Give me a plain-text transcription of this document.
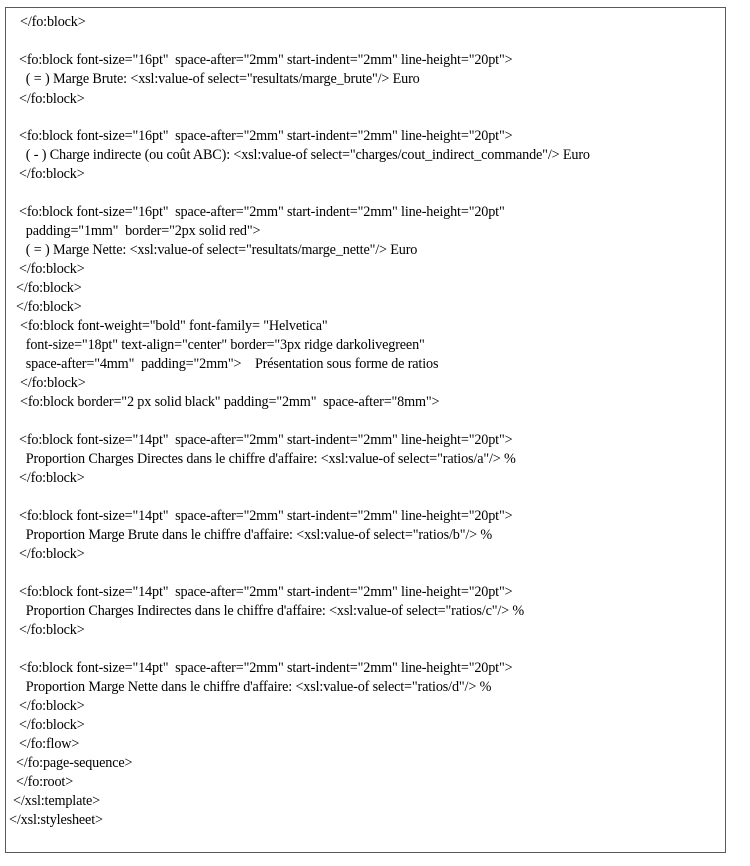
</fo:block>
<fo:block font-size="16pt"  space-after="2mm" start-indent="2mm" line-height="20pt">
( = ) Marge Brute: <xsl:value-of select="resultats/marge_brute"/> Euro
</fo:block>
<fo:block font-size="16pt"  space-after="2mm" start-indent="2mm" line-height="20pt">
( - ) Charge indirecte (ou coût ABC): <xsl:value-of select="charges/cout_indirect_commande"/> Euro
</fo:block>
<fo:block font-size="16pt"  space-after="2mm" start-indent="2mm" line-height="20pt"
padding="1mm"  border="2px solid red">
( = ) Marge Nette: <xsl:value-of select="resultats/marge_nette"/> Euro
</fo:block>
</fo:block>
</fo:block>
<fo:block font-weight="bold" font-family= "Helvetica"
font-size="18pt" text-align="center" border="3px ridge darkolivegreen"
space-after="4mm"  padding="2mm">    Présentation sous forme de ratios
</fo:block>
<fo:block border="2 px solid black" padding="2mm"  space-after="8mm">
<fo:block font-size="14pt"  space-after="2mm" start-indent="2mm" line-height="20pt">
Proportion Charges Directes dans le chiffre d'affaire: <xsl:value-of select="ratios/a"/> %
</fo:block>
<fo:block font-size="14pt"  space-after="2mm" start-indent="2mm" line-height="20pt">
Proportion Marge Brute dans le chiffre d'affaire: <xsl:value-of select="ratios/b"/> %
</fo:block>
<fo:block font-size="14pt"  space-after="2mm" start-indent="2mm" line-height="20pt">
Proportion Charges Indirectes dans le chiffre d'affaire: <xsl:value-of select="ratios/c"/> %
</fo:block>
<fo:block font-size="14pt"  space-after="2mm" start-indent="2mm" line-height="20pt">
Proportion Marge Nette dans le chiffre d'affaire: <xsl:value-of select="ratios/d"/> %
</fo:block>
</fo:block>
</fo:flow>
</fo:page-sequence>
</fo:root>
</xsl:template>
</xsl:stylesheet>
